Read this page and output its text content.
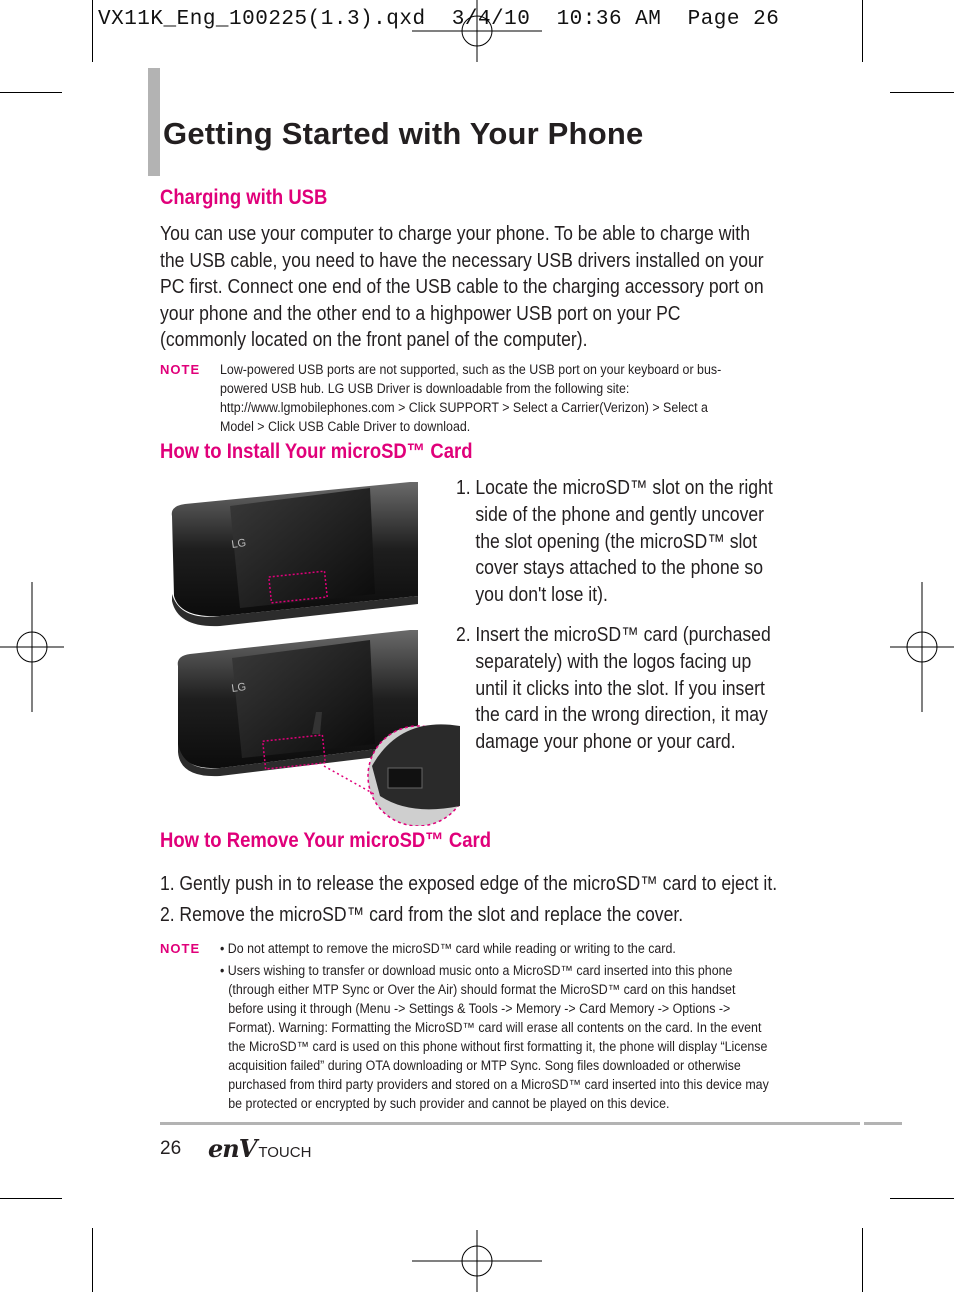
VX11K_Eng_100225(1.3).qxd  3/4/10  10:36 AM  Page 26
Getting Started with Your Phone
Charging with USB
You can use your computer to charge your phone. To be able to charge with
the USB cable, you need to have the necessary USB drivers installed on your
PC first. Connect one end of the USB cable to the charging accessory port on
your phone and the other end to a highpower USB port on your PC
(commonly located on the front panel of the computer).
NOTE Low-powered USB ports are not supported, such as the USB port on your keyboard or bus-
powered USB hub. LG USB Driver is downloadable from the following site:
http://www.lgmobilephones.com > Click SUPPORT > Select a Carrier(Verizon) > Select a
Model > Click USB Cable Driver to download.
How to Install Your microSD™ Card
LG
LG
1. Locate the microSD™ slot on the right
side of the phone and gently uncover
the slot opening (the microSD™ slot
cover stays attached to the phone so
you don't lose it).
2. Insert the microSD™ card (purchased
separately) with the logos facing up
until it clicks into the slot. If you insert
the card in the wrong direction, it may
damage your phone or your card.
How to Remove Your microSD™ Card
1. Gently push in to release the exposed edge of the microSD™ card to eject it.
2. Remove the microSD™ card from the slot and replace the cover.
NOTE • Do not attempt to remove the microSD™ card while reading or writing to the card.
• Users wishing to transfer or download music onto a MicroSD™ card inserted into this phone
(through either MTP Sync or Over the Air) should format the MicroSD™ card on this handset
before using it through (Menu -> Settings & Tools -> Memory -> Card Memory -> Options ->
Format). Warning: Formatting the MicroSD™ card will erase all contents on the card. In the event
the MicroSD™ card is used on this phone without first formatting it, the phone will display “License
acquisition failed” during OTA downloading or MTP Sync. Song files downloaded or otherwise
purchased from third party providers and stored on a MicroSD™ card inserted into this device may
be protected or encrypted by such provider and cannot be played on this device.
26 enV TOUCH
